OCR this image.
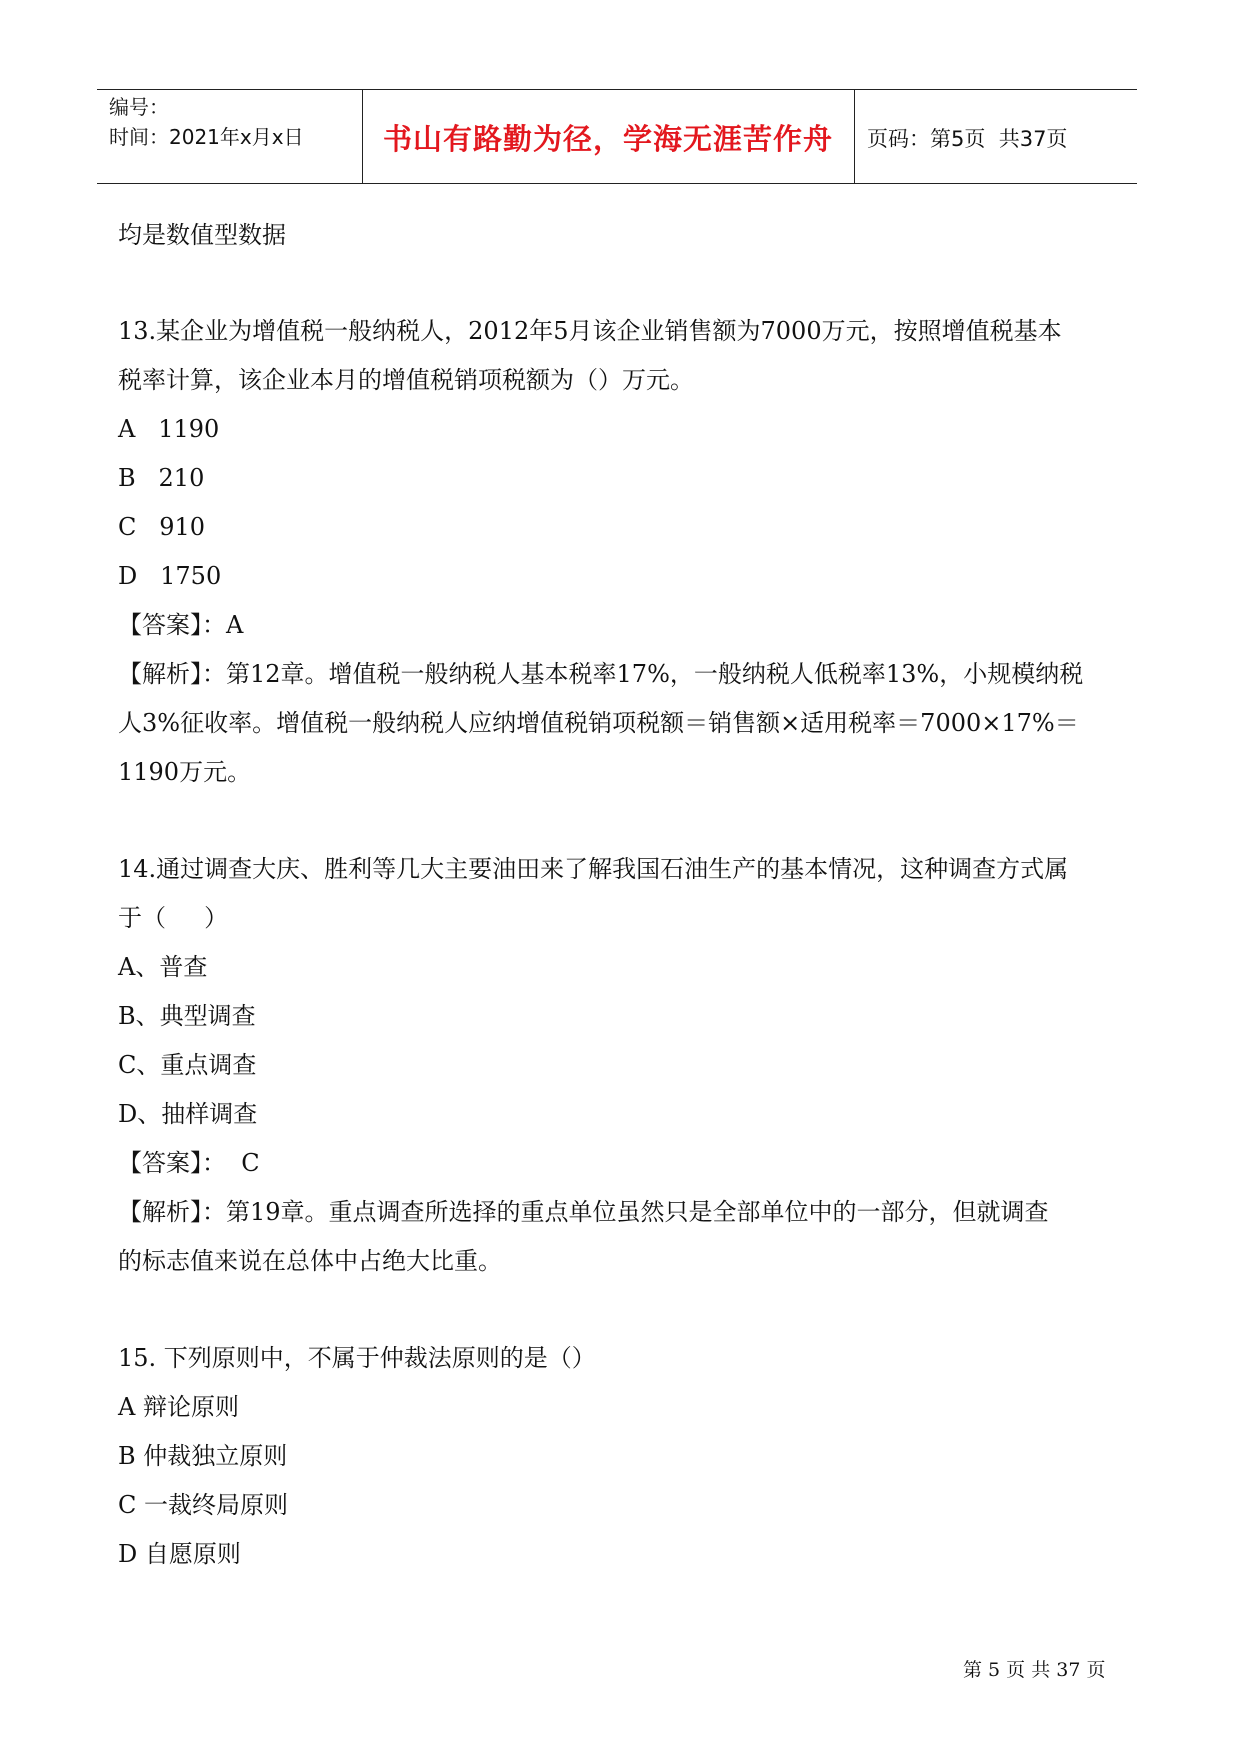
编号：
时间：2021年x月x日	书山有路勤为径，学海无涯苦作舟	页码：第5页  共37页
均是数值型数据
13.某企业为增值税一般纳税人，2012年5月该企业销售额为7000万元，按照增值税基本
税率计算，该企业本月的增值税销项税额为（）万元。
A   1190
B   210
C   910
D   1750
【答案】：A
【解析】：第12章。增值税一般纳税人基本税率17%，一般纳税人低税率13%，小规模纳税
人3%征收率。增值税一般纳税人应纳增值税销项税额＝销售额×适用税率＝7000×17%＝
1190万元。
14.通过调查大庆、胜利等几大主要油田来了解我国石油生产的基本情况，这种调查方式属
于（     ）
A、普查
B、典型调查
C、重点调查
D、抽样调查
【答案】：  C
【解析】：第19章。重点调查所选择的重点单位虽然只是全部单位中的一部分，但就调查
的标志值来说在总体中占绝大比重。
15. 下列原则中，不属于仲裁法原则的是（）
A 辩论原则
B 仲裁独立原则
C 一裁终局原则
D 自愿原则
第 5 页 共 37 页
